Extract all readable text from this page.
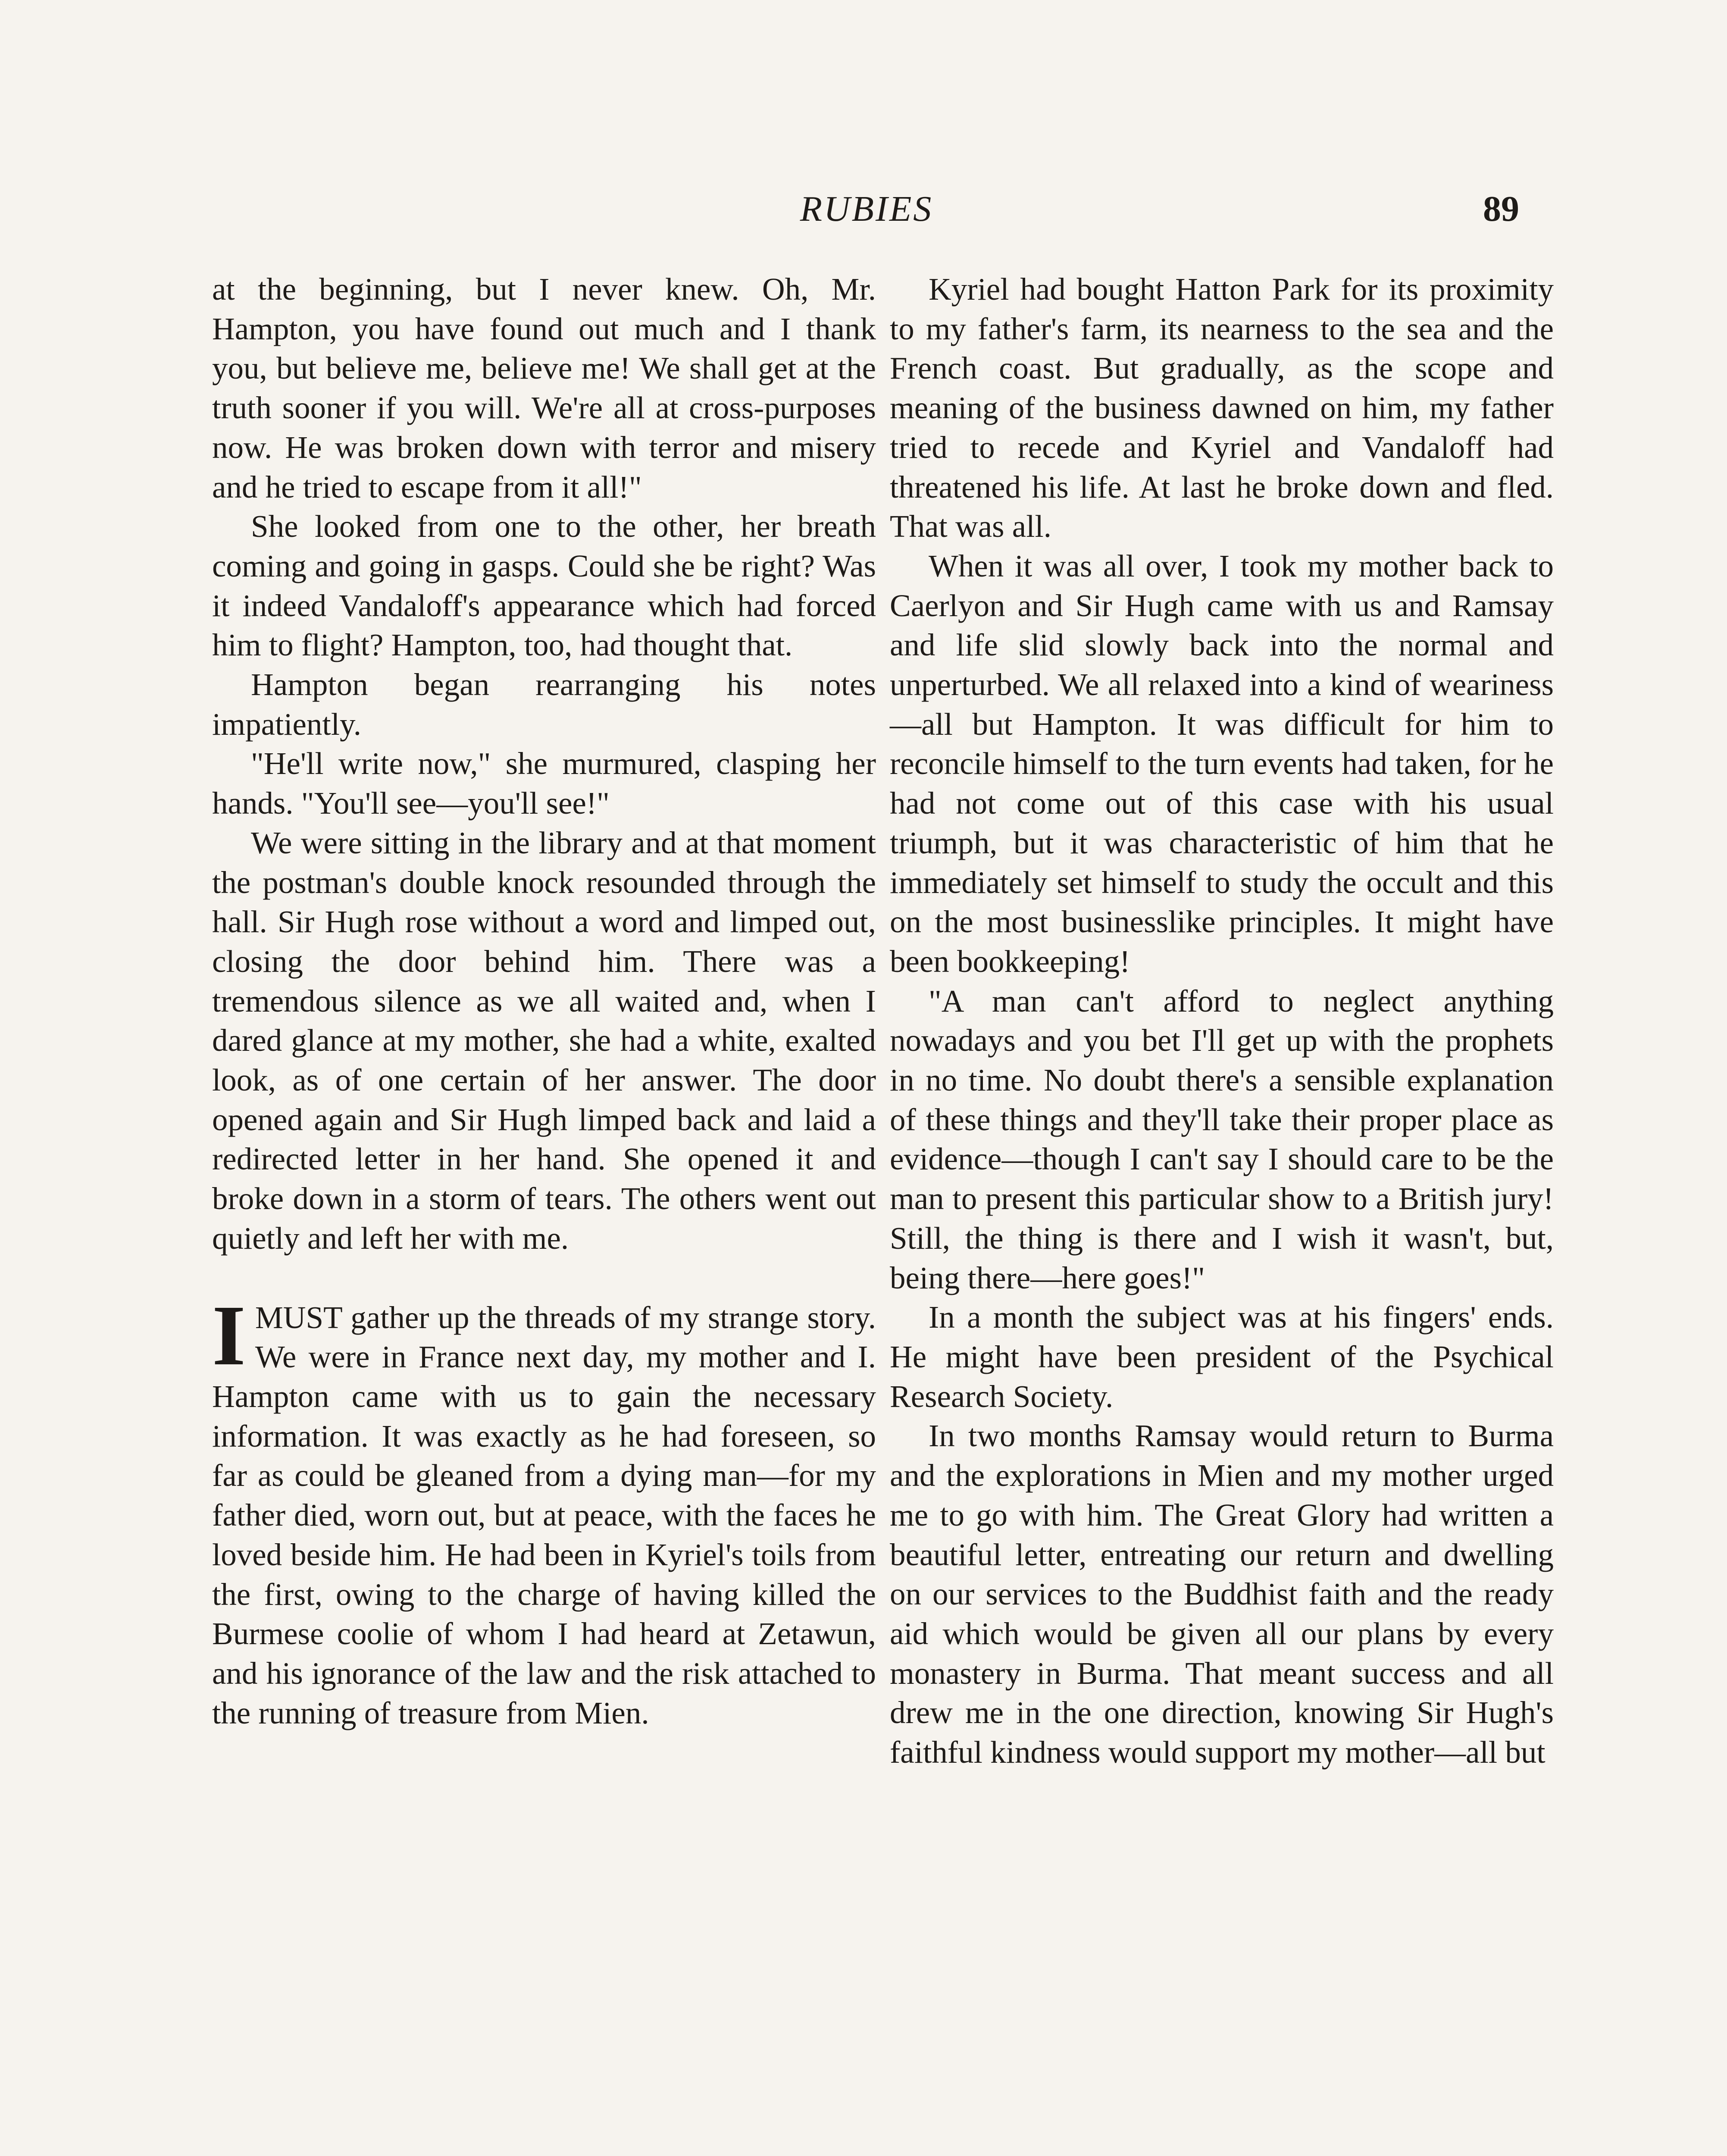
RUBIES	89

at the beginning, but I never knew. Oh, Mr. Hampton, you have found out much and I thank you, but believe me, believe me! We shall get at the truth sooner if you will. We're all at cross-purposes now. He was broken down with terror and misery and he tried to escape from it all!"

She looked from one to the other, her breath coming and going in gasps. Could she be right? Was it indeed Vandaloff's appearance which had forced him to flight? Hampton, too, had thought that.

Hampton began rearranging his notes impatiently.

"He'll write now," she murmured, clasping her hands. "You'll see—you'll see!"

We were sitting in the library and at that moment the postman's double knock resounded through the hall. Sir Hugh rose without a word and limped out, closing the door behind him. There was a tremendous silence as we all waited and, when I dared glance at my mother, she had a white, exalted look, as of one certain of her answer. The door opened again and Sir Hugh limped back and laid a redirected letter in her hand. She opened it and broke down in a storm of tears. The others went out quietly and left her with me.

I MUST gather up the threads of my strange story. We were in France next day, my mother and I. Hampton came with us to gain the necessary information. It was exactly as he had foreseen, so far as could be gleaned from a dying man—for my father died, worn out, but at peace, with the faces he loved beside him. He had been in Kyriel's toils from the first, owing to the charge of having killed the Burmese coolie of whom I had heard at Zetawun, and his ignorance of the law and the risk attached to the running of treasure from Mien.

Kyriel had bought Hatton Park for its proximity to my father's farm, its nearness to the sea and the French coast. But gradually, as the scope and meaning of the business dawned on him, my father tried to recede and Kyriel and Vandaloff had threatened his life. At last he broke down and fled. That was all.

When it was all over, I took my mother back to Caerlyon and Sir Hugh came with us and Ramsay and life slid slowly back into the normal and unperturbed. We all relaxed into a kind of weariness—all but Hampton. It was difficult for him to reconcile himself to the turn events had taken, for he had not come out of this case with his usual triumph, but it was characteristic of him that he immediately set himself to study the occult and this on the most businesslike principles. It might have been bookkeeping!

"A man can't afford to neglect anything nowadays and you bet I'll get up with the prophets in no time. No doubt there's a sensible explanation of these things and they'll take their proper place as evidence—though I can't say I should care to be the man to present this particular show to a British jury! Still, the thing is there and I wish it wasn't, but, being there—here goes!"

In a month the subject was at his fingers' ends. He might have been president of the Psychical Research Society.

In two months Ramsay would return to Burma and the explorations in Mien and my mother urged me to go with him. The Great Glory had written a beautiful letter, entreating our return and dwelling on our services to the Buddhist faith and the ready aid which would be given all our plans by every monastery in Burma. That meant success and all drew me in the one direction, knowing Sir Hugh's faithful kindness would support my mother—all but
